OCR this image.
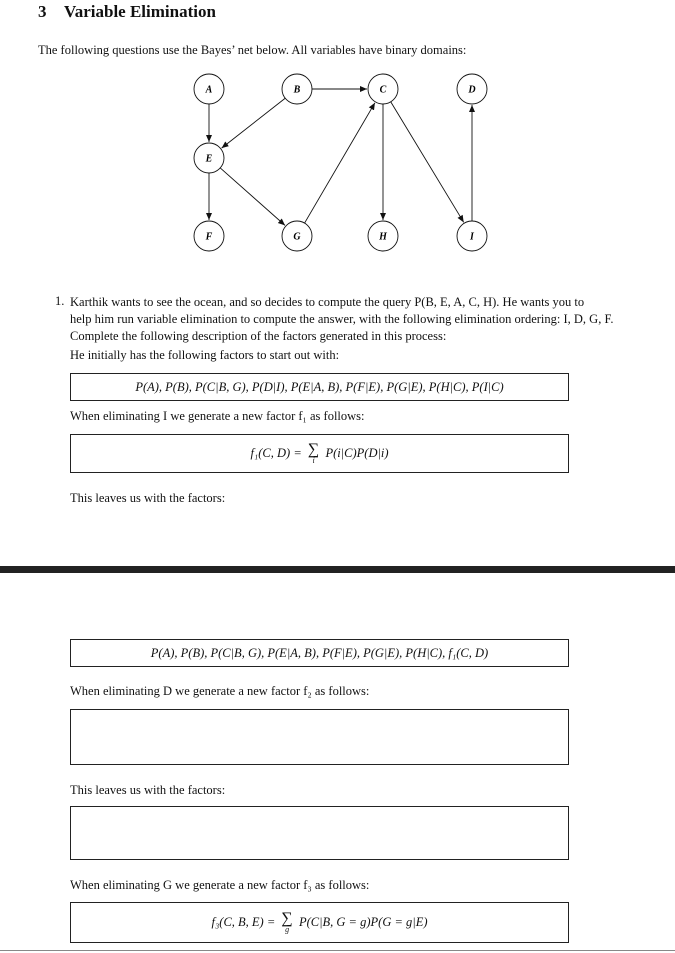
3 Variable Elimination
The following questions use the Bayes’ net below. All variables have binary domains:
A	B	C	D
E
F	G	H	I
1. Karthik wants to see the ocean, and so decides to compute the query P(B, E, A, C, H). He wants you to
help him run variable elimination to compute the answer, with the following elimination ordering: I, D, G, F.
Complete the following description of the factors generated in this process:
He initially has the following factors to start out with:
P(A), P(B), P(C|B, G), P(D|I), P(E|A, B), P(F|E), P(G|E), P(H|C), P(I|C)
When eliminating I we generate a new factor f₁ as follows:
f₁(C, D) = ∑
i
P(i|C)P(D|i)
This leaves us with the factors:
P(A), P(B), P(C|B, G), P(E|A, B), P(F|E), P(G|E), P(H|C), f₁(C, D)
When eliminating D we generate a new factor f₂ as follows:
This leaves us with the factors:
When eliminating G we generate a new factor f₃ as follows:
f₃(C, B, E) = ∑
g
P(C|B, G = g)P(G = g|E)
